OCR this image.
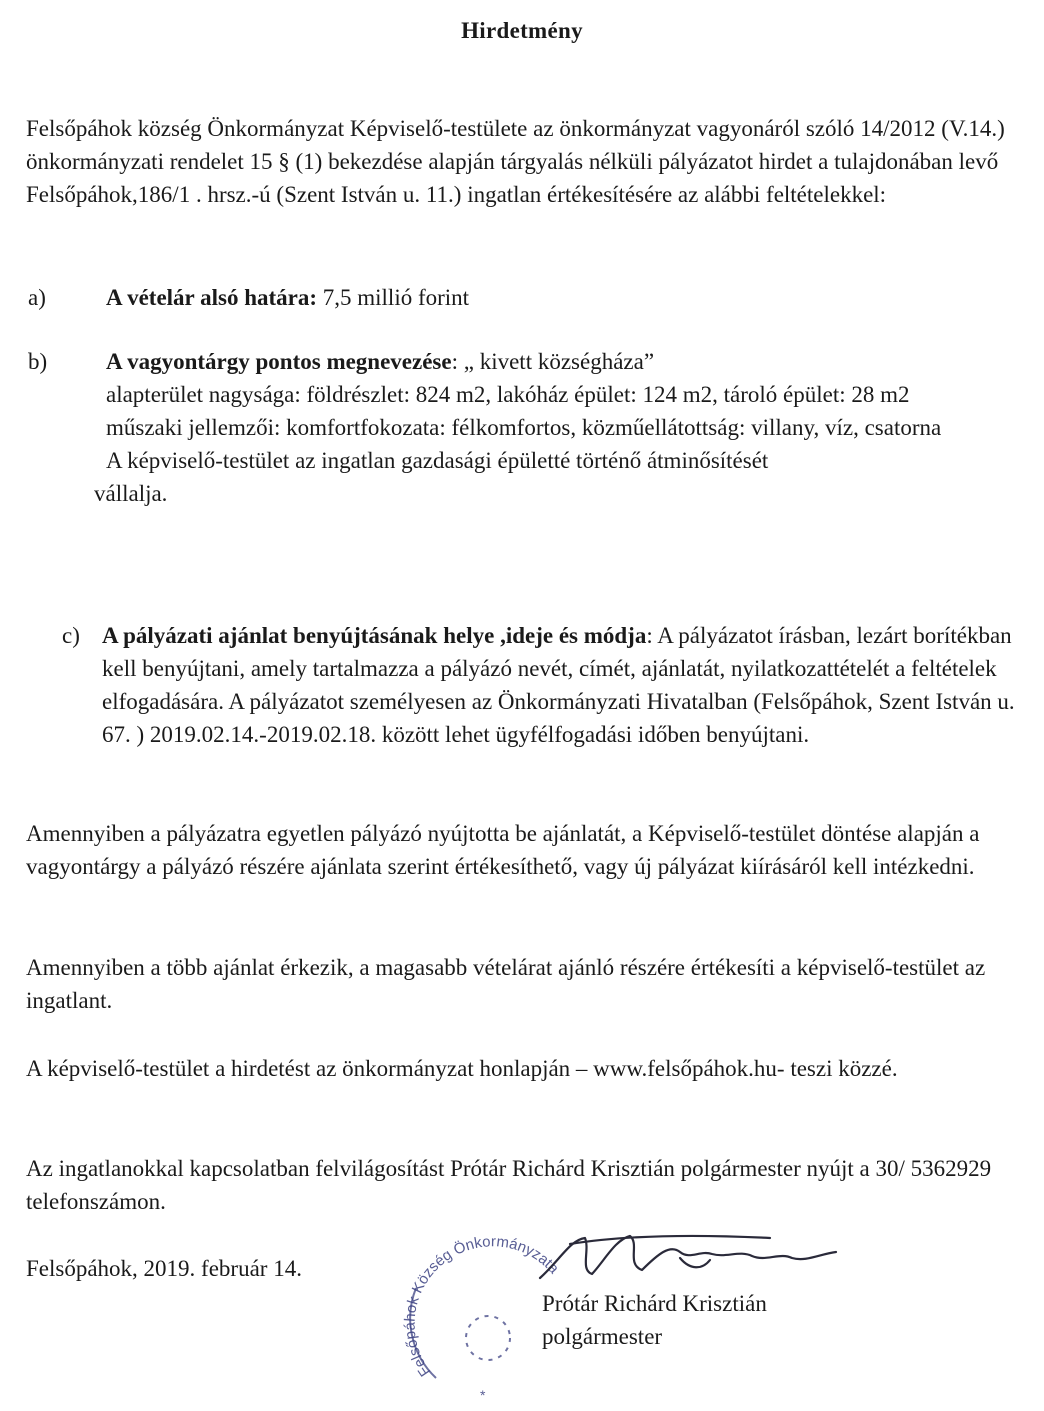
Hirdetmény
Felsőpáhok község Önkormányzat Képviselő-testülete az önkormányzat vagyonáról szóló 14/2012 (V.14.) önkormányzati rendelet 15 § (1) bekezdése alapján tárgyalás nélküli pályázatot hirdet a tulajdonában levő Felsőpáhok,186/1 . hrsz.-ú (Szent István u. 11.) ingatlan értékesítésére az alábbi feltételekkel:
a)	A vételár alsó határa: 7,5 millió forint
b)	A vagyontárgy pontos megnevezése: „ kivett községháza”
alapterület nagysága: földrészlet: 824 m2, lakóház épület: 124 m2, tároló épület: 28 m2
műszaki jellemzői: komfortfokozata: félkomfortos, közműellátottság: villany, víz, csatorna
A képviselő-testület az ingatlan gazdasági épületté történő átminősítését
vállalja.
c) A pályázati ajánlat benyújtásának helye ,ideje és módja: A pályázatot írásban, lezárt borítékban kell benyújtani, amely tartalmazza a pályázó nevét, címét, ajánlatát, nyilatkozattételét a feltételek elfogadására. A pályázatot személyesen az Önkormányzati Hivatalban (Felsőpáhok, Szent István u. 67. ) 2019.02.14.-2019.02.18. között lehet ügyfélfogadási időben benyújtani.
Amennyiben a pályázatra egyetlen pályázó nyújtotta be ajánlatát, a Képviselő-testület döntése alapján a vagyontárgy a pályázó részére ajánlata szerint értékesíthető, vagy új pályázat kiírásáról kell intézkedni.
Amennyiben a több ajánlat érkezik, a magasabb vételárat ajánló részére értékesíti a képviselő-testület az ingatlant.
A képviselő-testület a hirdetést az önkormányzat honlapján – www.felsőpáhok.hu- teszi közzé.
Az ingatlanokkal kapcsolatban felvilágosítást Prótár Richárd Krisztián polgármester nyújt a 30/ 5362929 telefonszámon.
Felsőpáhok, 2019. február 14.
Felsőpáhok Község Önkormányzata
*
Prótár Richárd Krisztián
polgármester
